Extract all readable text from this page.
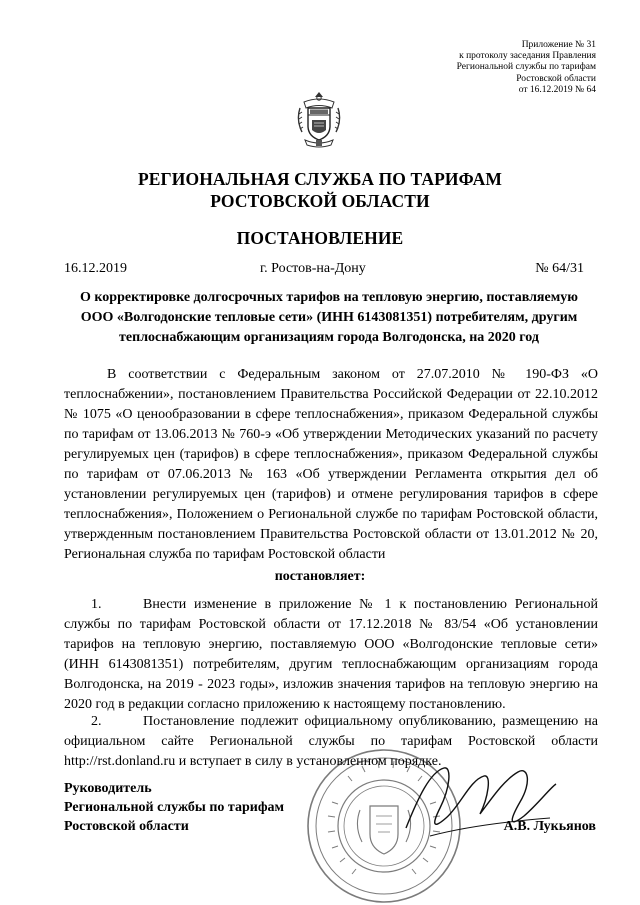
Приложение № 31
к протоколу заседания Правления
Региональной службы по тарифам
Ростовской области
от 16.12.2019 № 64
РЕГИОНАЛЬНАЯ СЛУЖБА ПО ТАРИФАМ
РОСТОВСКОЙ ОБЛАСТИ
ПОСТАНОВЛЕНИЕ
16.12.2019	г. Ростов-на-Дону	№ 64/31
О корректировке долгосрочных тарифов на тепловую энергию, поставляемую ООО «Волгодонские тепловые сети» (ИНН 6143081351) потребителям, другим теплоснабжающим организациям города Волгодонска, на 2020 год
В соответствии с Федеральным законом от 27.07.2010 № 190-ФЗ «О теплоснабжении», постановлением Правительства Российской Федерации от 22.10.2012 № 1075 «О ценообразовании в сфере теплоснабжения», приказом Федеральной службы по тарифам от 13.06.2013 № 760-э «Об утверждении Методических указаний по расчету регулируемых цен (тарифов) в сфере теплоснабжения», приказом Федеральной службы по тарифам от 07.06.2013 № 163 «Об утверждении Регламента открытия дел об установлении регулируемых цен (тарифов) и отмене регулирования тарифов в сфере теплоснабжения», Положением о Региональной службе по тарифам Ростовской области, утвержденным постановлением Правительства Ростовской области от 13.01.2012 № 20, Региональная служба по тарифам Ростовской области
постановляет:
1.	Внести изменение в приложение № 1 к постановлению Региональной службы по тарифам Ростовской области от 17.12.2018 № 83/54 «Об установлении тарифов на тепловую энергию, поставляемую ООО «Волгодонские тепловые сети» (ИНН 6143081351) потребителям, другим теплоснабжающим организациям города Волгодонска, на 2019 - 2023 годы», изложив значения тарифов на тепловую энергию на 2020 год в редакции согласно приложению к настоящему постановлению.
2.	Постановление подлежит официальному опубликованию, размещению на официальном сайте Региональной службы по тарифам Ростовской области http://rst.donland.ru и вступает в силу в установленном порядке.
Руководитель
Региональной службы по тарифам
Ростовской области	А.В. Лукьянов
